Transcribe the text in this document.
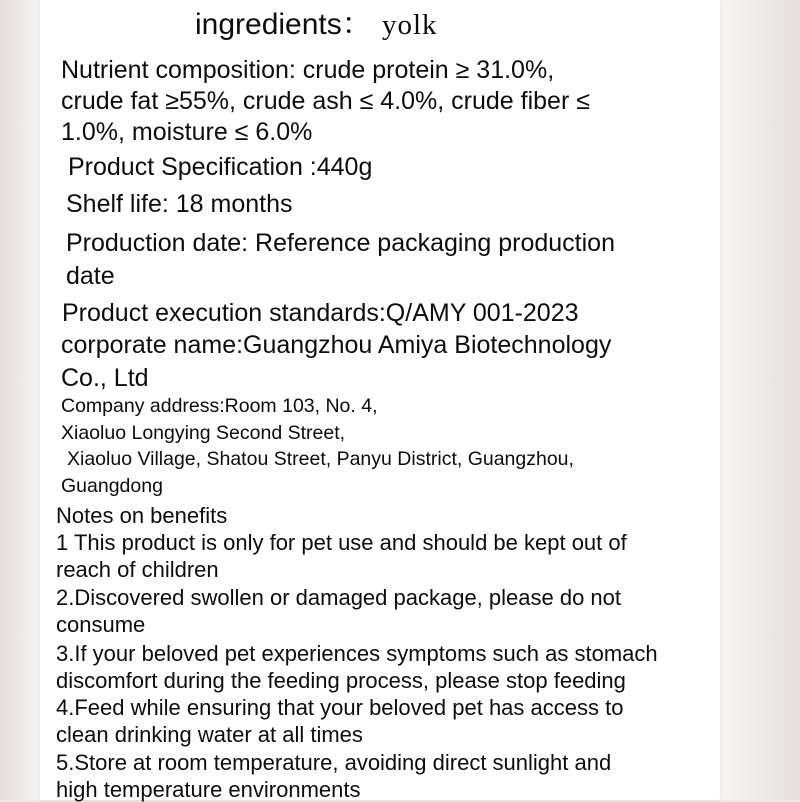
ingredients： yolk
Nutrient composition: crude protein ≥ 31.0%,
crude fat ≥55%, crude ash ≤ 4.0%, crude fiber ≤
1.0%, moisture ≤ 6.0%
Product Specification :440g
Shelf life: 18 months
Production date: Reference packaging production
date
Product execution standards:Q/AMY 001-2023
corporate name:Guangzhou Amiya Biotechnology
Co., Ltd
Company address:Room 103, No. 4,
Xiaoluo Longying Second Street,
Xiaoluo Village, Shatou Street, Panyu District, Guangzhou,
Guangdong
Notes on benefits
1 This product is only for pet use and should be kept out of
reach of children
2.Discovered swollen or damaged package, please do not
consume
3.If your beloved pet experiences symptoms such as stomach
discomfort during the feeding process, please stop feeding
4.Feed while ensuring that your beloved pet has access to
clean drinking water at all times
5.Store at room temperature, avoiding direct sunlight and
high temperature environments
